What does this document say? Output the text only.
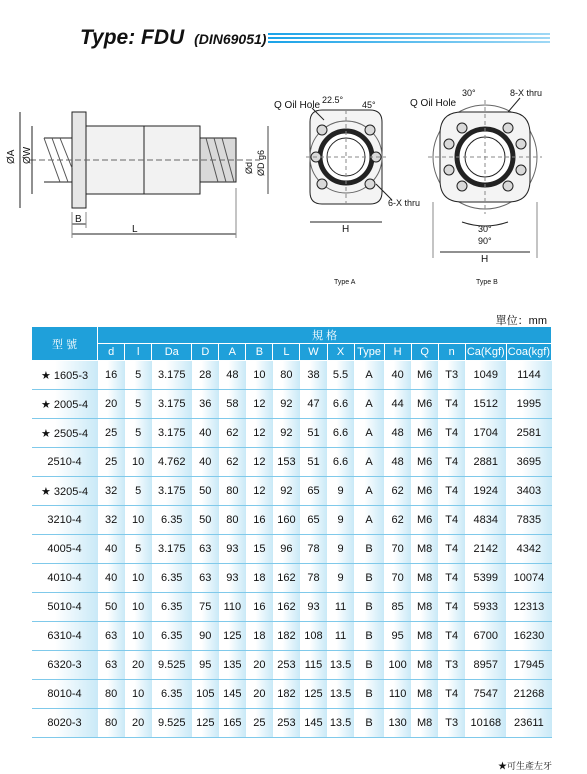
Type: FDU (DIN69051)
ØA ØW
B
L
Ød ØD g6
Q Oil Hole 22.5° 45°
6-X thru
H
Type A
Q Oil Hole
30°	8-X thru
30°
90°
H
Type B
單位：mm
型 號	規 格														
	d	l	Da	D	A	B	L	W	X	Type	H	Q	n	Ca(Kgf)	Coa(kgf)
★ 1605-3	16	5	3.175	28	48	10	80	38	5.5	A	40	M6	T3	1049	1144
★ 2005-4	20	5	3.175	36	58	12	92	47	6.6	A	44	M6	T4	1512	1995
★ 2505-4	25	5	3.175	40	62	12	92	51	6.6	A	48	M6	T4	1704	2581
2510-4	25	10	4.762	40	62	12	153	51	6.6	A	48	M6	T4	2881	3695
★ 3205-4	32	5	3.175	50	80	12	92	65	9	A	62	M6	T4	1924	3403
3210-4	32	10	6.35	50	80	16	160	65	9	A	62	M6	T4	4834	7835
4005-4	40	5	3.175	63	93	15	96	78	9	B	70	M8	T4	2142	4342
4010-4	40	10	6.35	63	93	18	162	78	9	B	70	M8	T4	5399	10074
5010-4	50	10	6.35	75	110	16	162	93	11	B	85	M8	T4	5933	12313
6310-4	63	10	6.35	90	125	18	182	108	11	B	95	M8	T4	6700	16230
6320-3	63	20	9.525	95	135	20	253	115	13.5	B	100	M8	T3	8957	17945
8010-4	80	10	6.35	105	145	20	182	125	13.5	B	110	M8	T4	7547	21268
8020-3	80	20	9.525	125	165	25	253	145	13.5	B	130	M8	T3	10168	23611
★可生產左牙
